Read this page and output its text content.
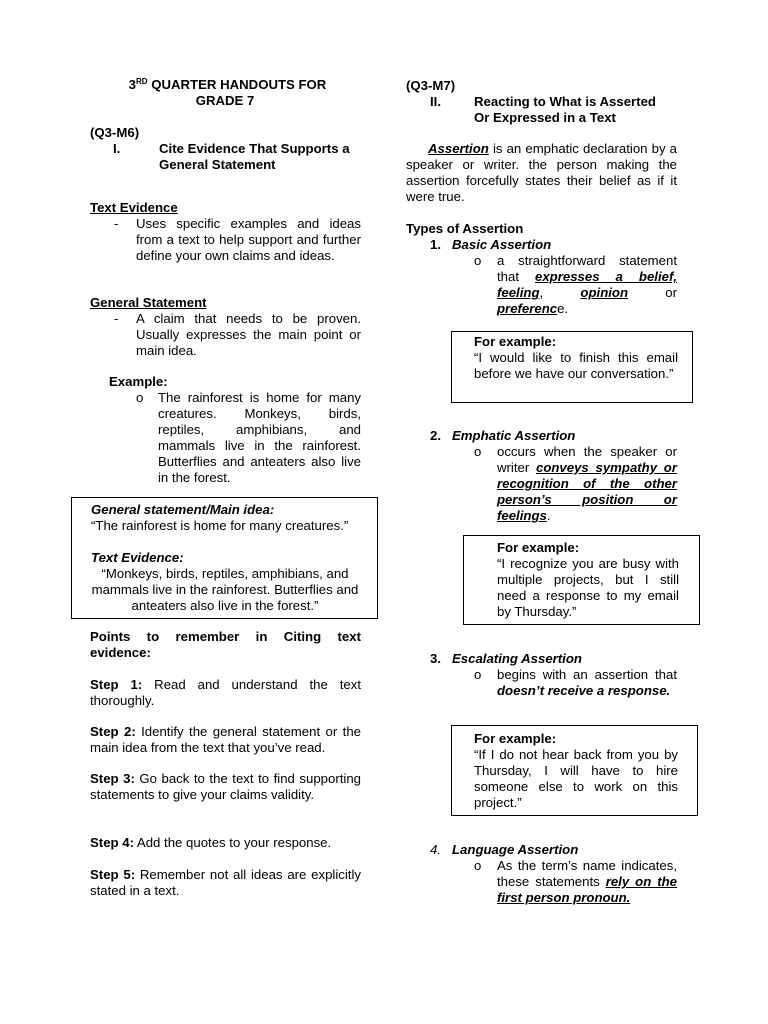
3RD QUARTER HANDOUTS FOR
GRADE 7
(Q3-M6)
I.	Cite Evidence That Supports a
General Statement
Text Evidence
- Uses specific examples and ideas from a text to help support and further define your own claims and ideas.
General Statement
- A claim that needs to be proven. Usually expresses the main point or main idea.
Example:
o The rainforest is home for many creatures. Monkeys, birds, reptiles, amphibians, and mammals live in the rainforest. Butterflies and anteaters also live in the forest.
General statement/Main idea:
“The rainforest is home for many creatures.”
Text Evidence:
“Monkeys, birds, reptiles, amphibians, and mammals live in the rainforest. Butterflies and anteaters also live in the forest.”
Points to remember in Citing text evidence:
Step 1: Read and understand the text thoroughly.
Step 2: Identify the general statement or the main idea from the text that you’ve read.
Step 3: Go back to the text to find supporting statements to give your claims validity.
Step 4: Add the quotes to your response.
Step 5: Remember not all ideas are explicitly stated in a text.
(Q3-M7)
II.	Reacting to What is Asserted
Or Expressed in a Text
Assertion is an emphatic declaration by a speaker or writer. the person making the assertion forcefully states their belief as if it were true.
Types of Assertion
1. Basic Assertion
o a straightforward statement that expresses a belief, feeling, opinion or preference.
For example:
“I would like to finish this email before we have our conversation.”
2. Emphatic Assertion
o occurs when the speaker or writer conveys sympathy or recognition of the other person’s position or feelings.
For example:
“I recognize you are busy with multiple projects, but I still need a response to my email by Thursday.”
3. Escalating Assertion
o begins with an assertion that doesn’t receive a response.
For example:
“If I do not hear back from you by Thursday, I will have to hire someone else to work on this project.”
4. Language Assertion
o As the term’s name indicates, these statements rely on the first person pronoun.
